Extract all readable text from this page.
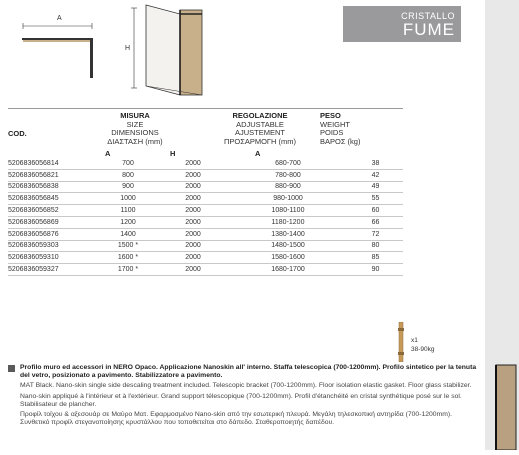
A
H
CRISTALLO
FUME
COD.
MISURA
SIZE
DIMENSIONS
ΔΙΑΣΤΑΣΗ (mm)
REGOLAZIONE
ADJUSTABLE
AJUSTEMENT
ΠΡΟΣΑΡΜΟΓΗ (mm)
PESO
WEIGHT
POIDS
ΒΑΡΟΣ (kg)
A	H	A
5206836056814	700	2000	680-700	38
5206836056821	800	2000	780-800	42
5206836056838	900	2000	880-900	49
5206836056845	1000	2000	980-1000	55
5206836056852	1100	2000	1080-1100	60
5206836056869	1200	2000	1180-1200	66
5206836056876	1400	2000	1380-1400	72
5206836059303	1500 *	2000	1480-1500	80
5206836059310	1600 *	2000	1580-1600	85
5206836059327	1700 *	2000	1680-1700	90
x1
38-90kg
Profilo muro ed accessori in NERO Opaco. Applicazione Nanoskin all' interno. Staffa telescopica (700-1200mm). Profilo sintetico per la tenuta del vetro, posizionato a pavimento. Stabilizzatore a pavimento.
MAT Black. Nano-skin single side descaling treatment included. Telescopic bracket (700-1200mm). Floor isolation elastic gasket. Floor glass stabilizer.
Nano-skin appliqué à l'intérieur et à l'extérieur. Grand support télescopique (700-1200mm). Profil d'étanchéité en cristal synthétique posé sur le sol. Stabilisateur de plancher.
Προφίλ τοίχου & αξεσουάρ σε Μαύρο Ματ. Εφαρμοσμένο Nano-skin από την εσωτερική πλευρά. Μεγάλη τηλεσκοπική αντηρίδα (700-1200mm). Συνθετικό προφίλ στεγανοποίησης κρυστάλλου που τοποθετείται στο δάπεδο. Σταθεροποιητής δαπέδου.
